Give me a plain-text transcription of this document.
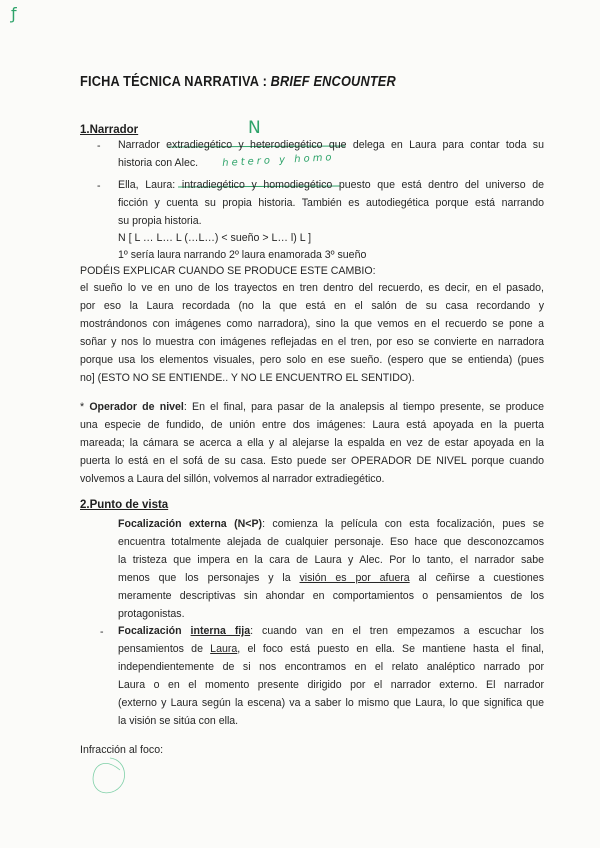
ƒ
N
hetero y homo
FICHA TÉCNICA NARRATIVA : BRIEF ENCOUNTER
1.Narrador
- Narrador extradiegético y heterodiegético que delega en Laura para contar toda su
historia con Alec.
- Ella, Laura: intradiegético y homodiegético puesto que está dentro del universo de
ficción y cuenta su propia historia. También es autodiegética porque está narrando
su propia historia.
N [ L … L… L (…L…) < sueño > L… l) L ]
1º sería laura narrando 2º laura enamorada 3º sueño
PODÉIS EXPLICAR CUANDO SE PRODUCE ESTE CAMBIO:
el sueño lo ve en uno de los trayectos en tren dentro del recuerdo, es decir, en el pasado,
por eso la Laura recordada (no la que está en el salón de su casa recordando y
mostrándonos con imágenes como narradora), sino la que vemos en el recuerdo se pone a
soñar y nos lo muestra con imágenes reflejadas en el tren, por eso se convierte en narradora
porque usa los elementos visuales, pero solo en ese sueño. (espero que se entienda) (pues
no] (ESTO NO SE ENTIENDE.. Y NO LE ENCUENTRO EL SENTIDO).
* Operador de nivel: En el final, para pasar de la analepsis al tiempo presente, se produce
una especie de fundido, de unión entre dos imágenes: Laura está apoyada en la puerta
mareada; la cámara se acerca a ella y al alejarse la espalda en vez de estar apoyada en la
puerta lo está en el sofá de su casa. Esto puede ser OPERADOR DE NIVEL porque cuando
volvemos a Laura del sillón, volvemos al narrador extradiegético.
2.Punto de vista
Focalización externa (N<P): comienza la película con esta focalización, pues se
encuentra totalmente alejada de cualquier personaje. Eso hace que desconozcamos
la tristeza que impera en la cara de Laura y Alec. Por lo tanto, el narrador sabe
menos que los personajes y la visión es por afuera al ceñirse a cuestiones
meramente descriptivas sin ahondar en comportamientos o pensamientos de los
protagonistas.
- Focalización interna fija: cuando van en el tren empezamos a escuchar los
pensamientos de Laura, el foco está puesto en ella. Se mantiene hasta el final,
independientemente de si nos encontramos en el relato analéptico narrado por
Laura o en el momento presente dirigido por el narrador externo. El narrador
(externo y Laura según la escena) va a saber lo mismo que Laura, lo que significa que
la visión se sitúa con ella.
Infracción al foco:
